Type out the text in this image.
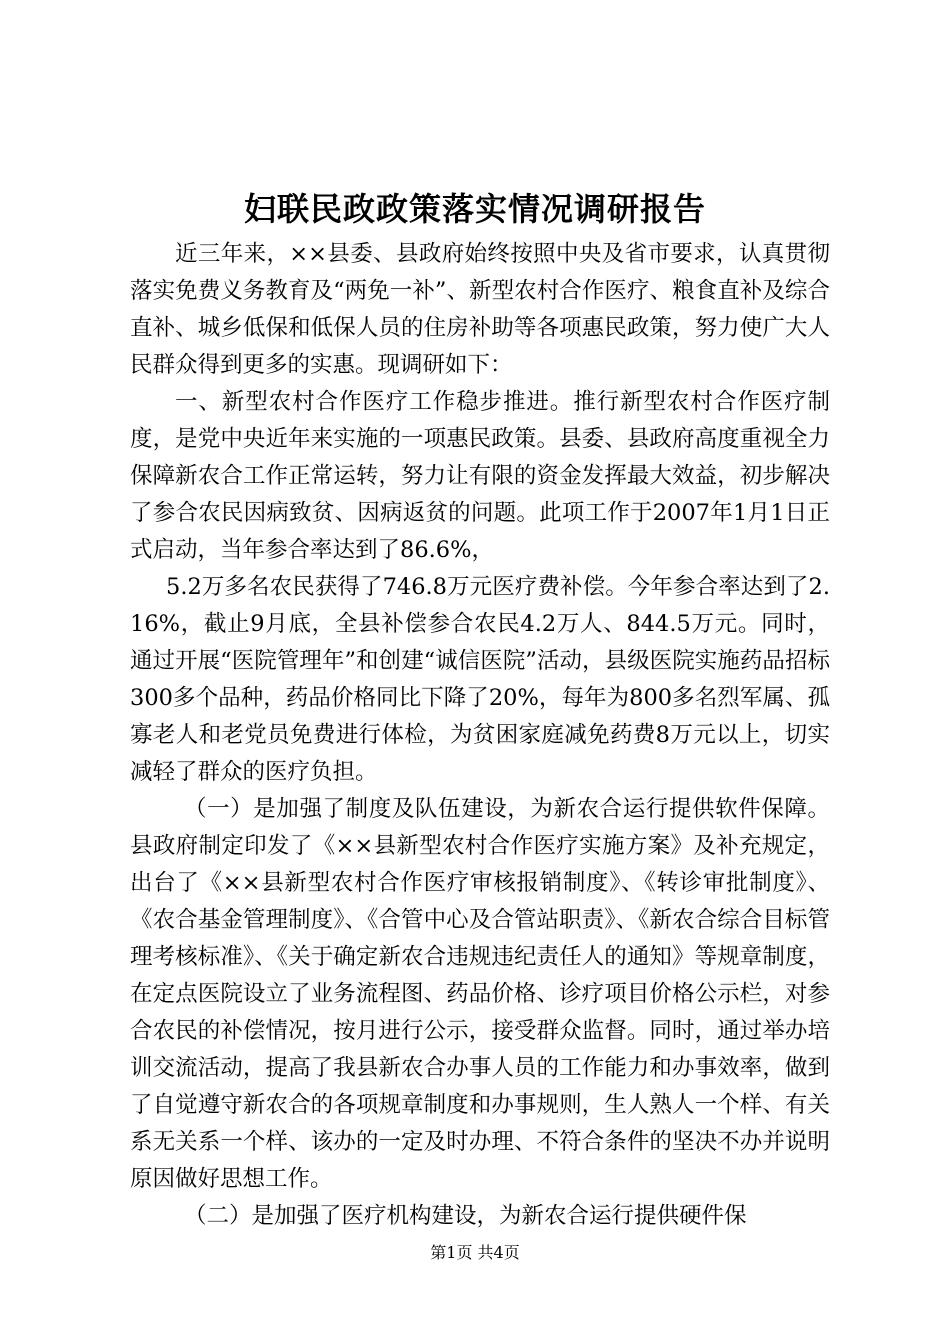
妇联民政政策落实情况调研报告

近三年来，××县委、县政府始终按照中央及省市要求，认真贯彻落实免费义务教育及“两免一补”、新型农村合作医疗、粮食直补及综合直补、城乡低保和低保人员的住房补助等各项惠民政策，努力使广大人民群众得到更多的实惠。现调研如下：

一、新型农村合作医疗工作稳步推进。推行新型农村合作医疗制度，是党中央近年来实施的一项惠民政策。县委、县政府高度重视全力保障新农合工作正常运转，努力让有限的资金发挥最大效益，初步解决了参合农民因病致贫、因病返贫的问题。此项工作于2007年1月1日正式启动，当年参合率达到了86.6%，

5.2万多名农民获得了746.8万元医疗费补偿。今年参合率达到了2.16%，截止9月底，全县补偿参合农民4.2万人、844.5万元。同时，通过开展“医院管理年”和创建“诚信医院”活动，县级医院实施药品招标300多个品种，药品价格同比下降了20%，每年为800多名烈军属、孤寡老人和老党员免费进行体检，为贫困家庭减免药费8万元以上，切实减轻了群众的医疗负担。

（一）是加强了制度及队伍建设，为新农合运行提供软件保障。县政府制定印发了《××县新型农村合作医疗实施方案》及补充规定，出台了《××县新型农村合作医疗审核报销制度》、《转诊审批制度》、《农合基金管理制度》、《合管中心及合管站职责》、《新农合综合目标管理考核标准》、《关于确定新农合违规违纪责任人的通知》等规章制度，在定点医院设立了业务流程图、药品价格、诊疗项目价格公示栏，对参合农民的补偿情况，按月进行公示，接受群众监督。同时，通过举办培训交流活动，提高了我县新农合办事人员的工作能力和办事效率，做到了自觉遵守新农合的各项规章制度和办事规则，生人熟人一个样、有关系无关系一个样、该办的一定及时办理、不符合条件的坚决不办并说明原因做好思想工作。

（二）是加强了医疗机构建设，为新农合运行提供硬件保

第1页 共4页
